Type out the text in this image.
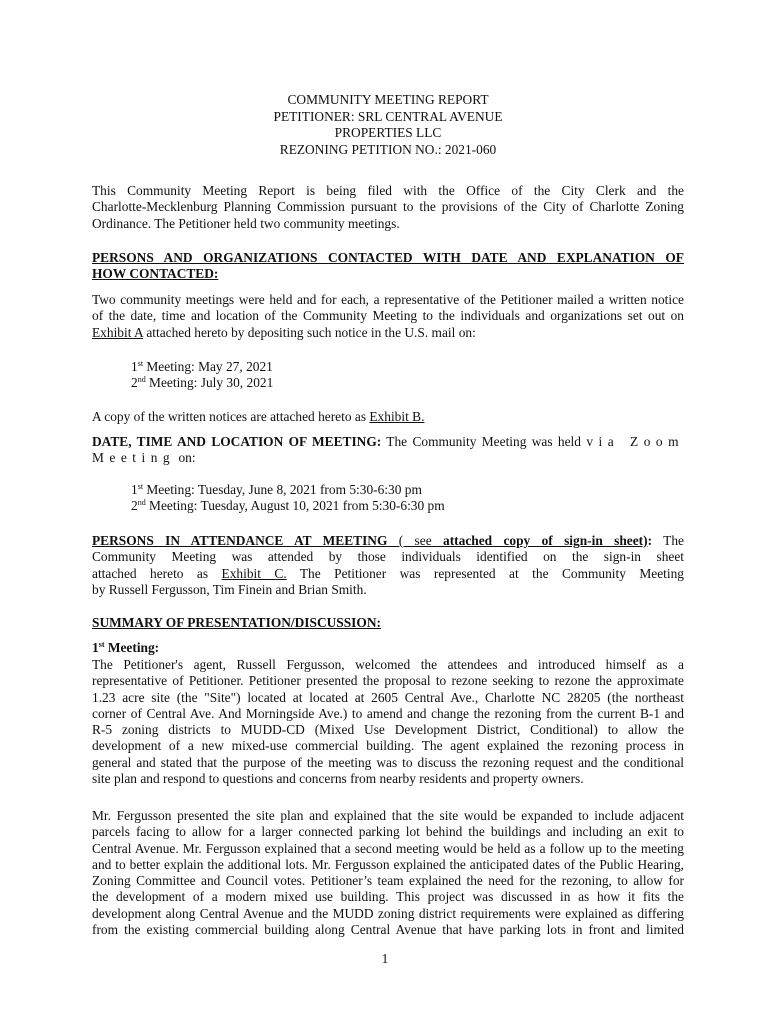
COMMUNITY MEETING REPORT
PETITIONER: SRL CENTRAL AVENUE
PROPERTIES LLC
REZONING PETITION NO.: 2021-060
This Community Meeting Report is being filed with the Office of the City Clerk and the
Charlotte-Mecklenburg Planning Commission pursuant to the provisions of the City of Charlotte Zoning
Ordinance. The Petitioner held two community meetings.
PERSONS AND ORGANIZATIONS CONTACTED WITH DATE AND EXPLANATION OF
HOW CONTACTED:
Two community meetings were held and for each, a representative of the Petitioner mailed a written notice
of the date, time and location of the Community Meeting to the individuals and organizations set out on
Exhibit A attached hereto by depositing such notice in the U.S. mail on:
1st Meeting: May 27, 2021
2nd Meeting: July 30, 2021
A copy of the written notices are attached hereto as Exhibit B.
DATE, TIME AND LOCATION OF MEETING: The Community Meeting was held via Zoom
Meeting on:
1st Meeting: Tuesday, June 8, 2021 from 5:30-6:30 pm
2nd Meeting: Tuesday, August 10, 2021 from 5:30-6:30 pm
PERSONS IN ATTENDANCE AT MEETING ( see attached copy of sign-in sheet): The
Community Meeting was attended by those individuals identified on the sign-in sheet
attached hereto as Exhibit C. The Petitioner was represented at the Community Meeting
by Russell Fergusson, Tim Finein and Brian Smith.
SUMMARY OF PRESENTATION/DISCUSSION:
1st Meeting:
The Petitioner's agent, Russell Fergusson, welcomed the attendees and introduced himself as a
representative of Petitioner. Petitioner presented the proposal to rezone seeking to rezone the approximate
1.23 acre site (the "Site") located at located at 2605 Central Ave., Charlotte NC 28205 (the northeast
corner of Central Ave. And Morningside Ave.) to amend and change the rezoning from the current B-1 and
R-5 zoning districts to MUDD-CD (Mixed Use Development District, Conditional) to allow the
development of a new mixed-use commercial building. The agent explained the rezoning process in
general and stated that the purpose of the meeting was to discuss the rezoning request and the conditional
site plan and respond to questions and concerns from nearby residents and property owners.
Mr. Fergusson presented the site plan and explained that the site would be expanded to include adjacent
parcels facing to allow for a larger connected parking lot behind the buildings and including an exit to
Central Avenue. Mr. Fergusson explained that a second meeting would be held as a follow up to the meeting
and to better explain the additional lots. Mr. Fergusson explained the anticipated dates of the Public Hearing,
Zoning Committee and Council votes. Petitioner’s team explained the need for the rezoning, to allow for
the development of a modern mixed use building. This project was discussed in as how it fits the
development along Central Avenue and the MUDD zoning district requirements were explained as differing
from the existing commercial building along Central Avenue that have parking lots in front and limited
1
